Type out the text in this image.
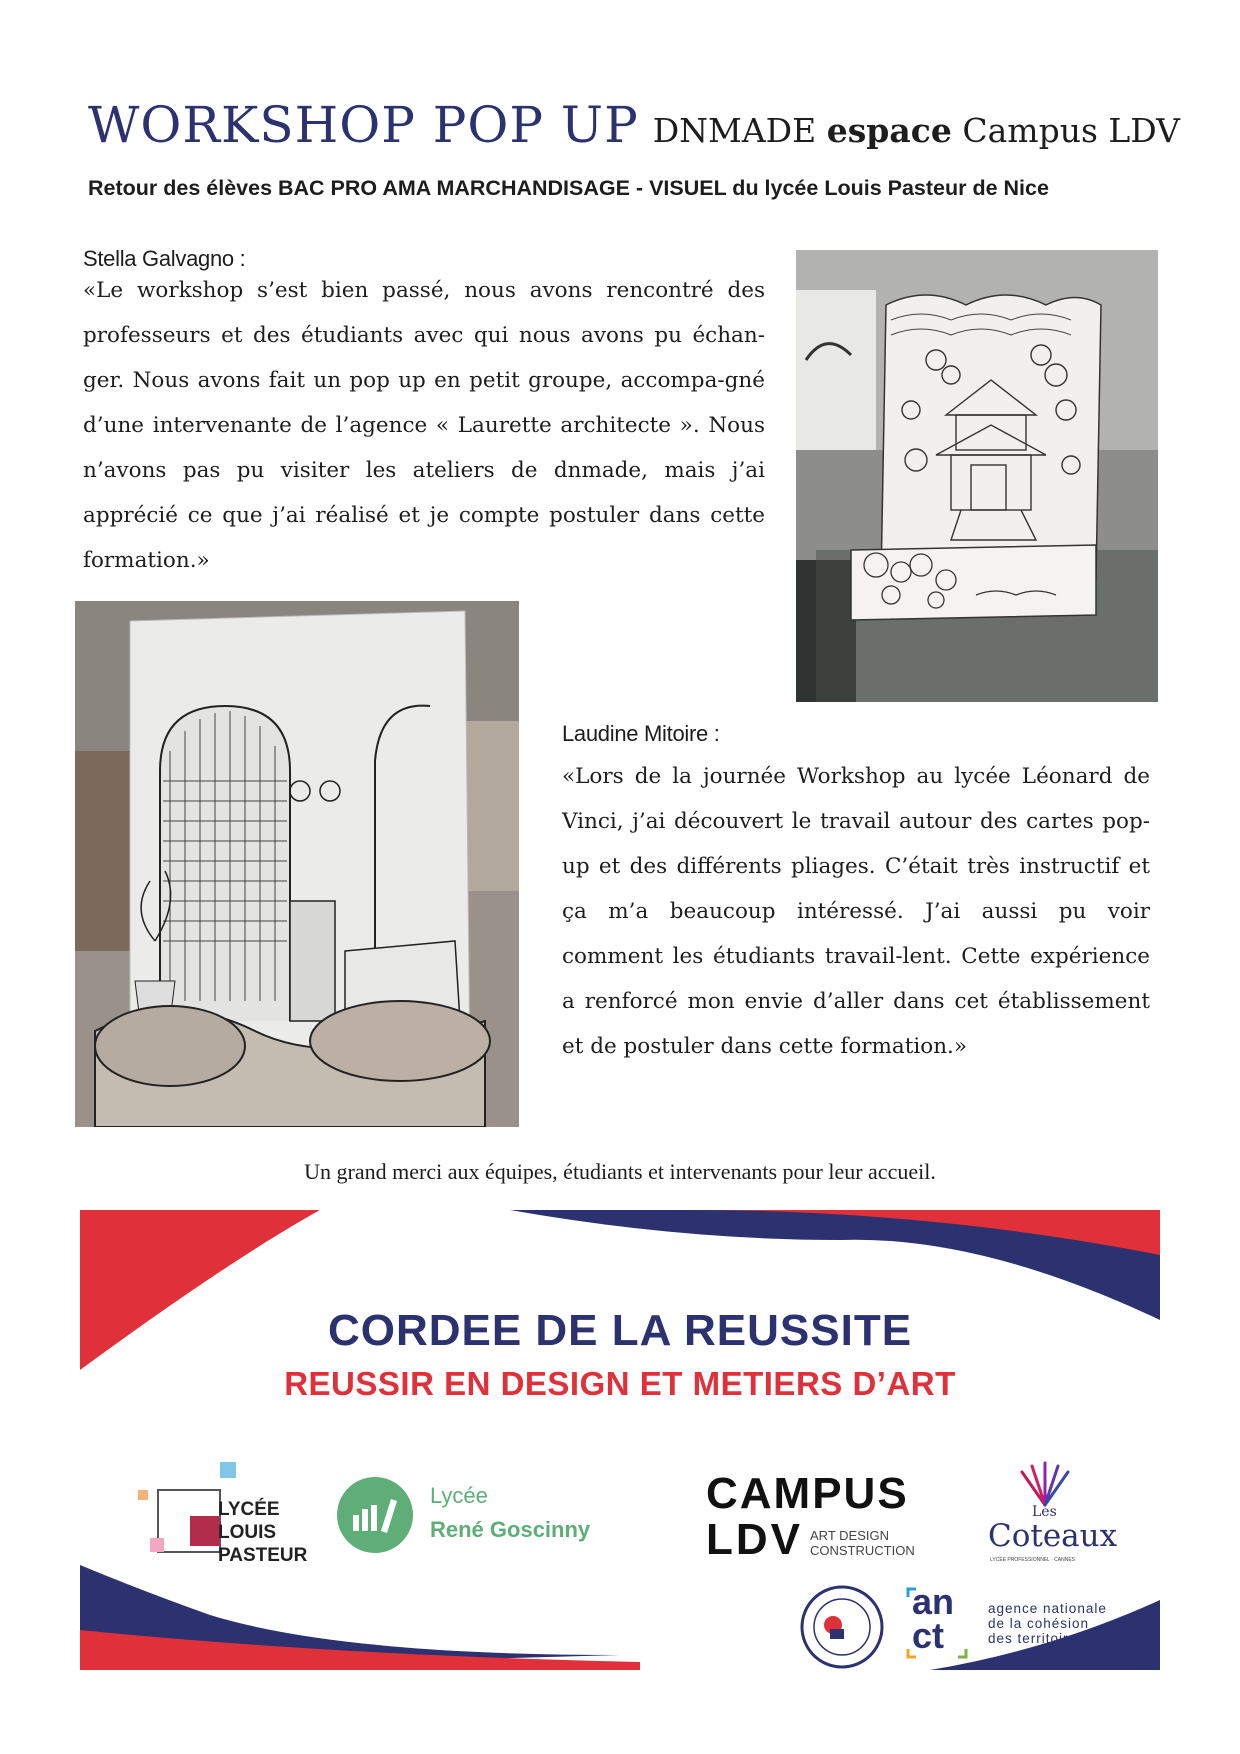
WORKSHOP POP UP DNMADE espace Campus LDV
Retour des élèves BAC PRO AMA MARCHANDISAGE - VISUEL du lycée Louis Pasteur de Nice
Stella Galvagno :
«Le workshop s’est bien passé, nous avons rencontré des professeurs et des étudiants avec qui nous avons pu échan-ger. Nous avons fait un pop up en petit groupe, accompa-gné d’une intervenante de l’agence « Laurette architecte ». Nous n’avons pas pu visiter les ateliers de dnmade, mais j’ai apprécié ce que j’ai réalisé et je compte postuler dans cette formation.»
Laudine Mitoire :
«Lors de la journée Workshop au lycée Léonard de Vinci, j’ai découvert le travail autour des cartes pop-up et des différents pliages. C’était très instructif et ça m’a beaucoup intéressé. J’ai aussi pu voir comment les étudiants travail-lent. Cette expérience a renforcé mon envie d’aller dans cet établissement et de postuler dans cette formation.»
Un grand merci aux équipes, étudiants et intervenants pour leur accueil.
CORDEE DE LA REUSSITE
REUSSIR EN DESIGN ET METIERS D’ART
LYCÉE
LOUIS
PASTEUR
Lycée
René Goscinny
CAMPUS
LDV ART DESIGN
CONSTRUCTION
Les
Coteaux
LYCÉE PROFESSIONNEL · CANNES
an
ct
agence nationale
de la cohésion
des territoires
